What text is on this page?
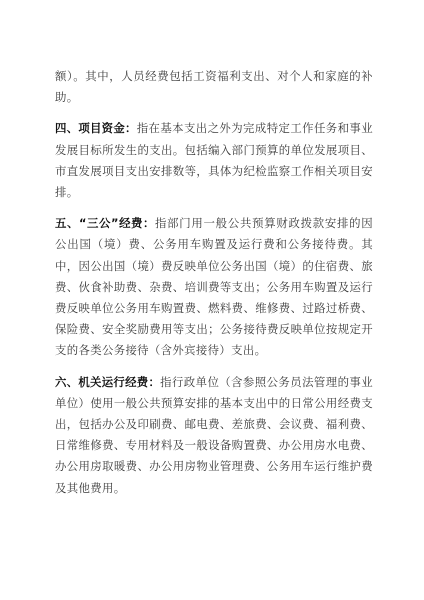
额）。其中，人员经费包括工资福利支出、对个人和家庭的补助。

四、项目资金：指在基本支出之外为完成特定工作任务和事业发展目标所发生的支出。包括编入部门预算的单位发展项目、市直发展项目支出安排数等，具体为纪检监察工作相关项目安排。

五、“三公”经费：指部门用一般公共预算财政拨款安排的因公出国（境）费、公务用车购置及运行费和公务接待费。其中，因公出国（境）费反映单位公务出国（境）的住宿费、旅费、伙食补助费、杂费、培训费等支出；公务用车购置及运行费反映单位公务用车购置费、燃料费、维修费、过路过桥费、保险费、安全奖励费用等支出；公务接待费反映单位按规定开支的各类公务接待（含外宾接待）支出。

六、机关运行经费：指行政单位（含参照公务员法管理的事业单位）使用一般公共预算安排的基本支出中的日常公用经费支出，包括办公及印刷费、邮电费、差旅费、会议费、福利费、日常维修费、专用材料及一般设备购置费、办公用房水电费、办公用房取暖费、办公用房物业管理费、公务用车运行维护费及其他费用。
